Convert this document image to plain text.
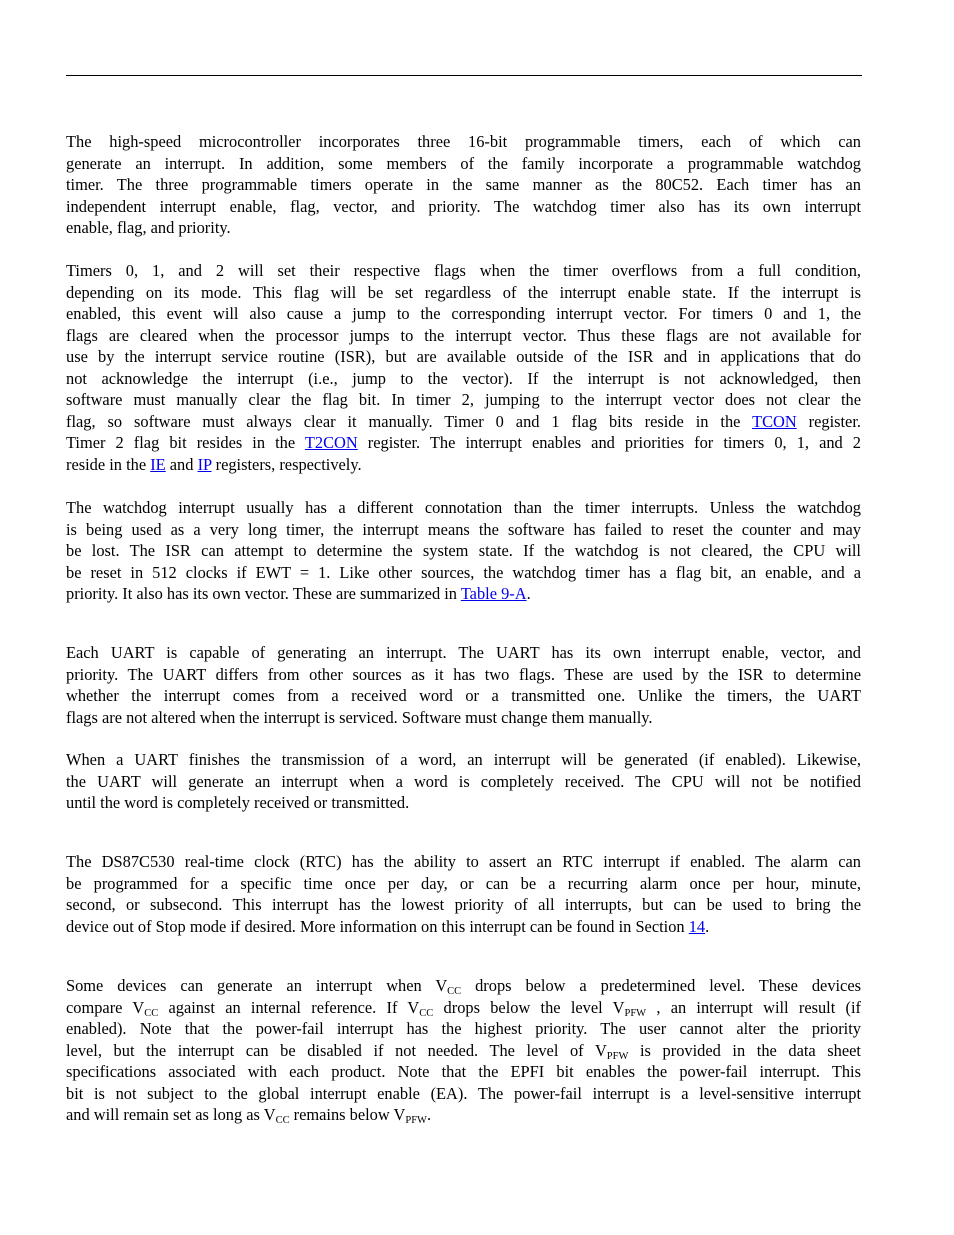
The high-speed microcontroller incorporates three 16-bit programmable timers, each of which can
generate an interrupt. In addition, some members of the family incorporate a programmable watchdog
timer. The three programmable timers operate in the same manner as the 80C52. Each timer has an
independent interrupt enable, flag, vector, and priority. The watchdog timer also has its own interrupt
enable, flag, and priority.

Timers 0, 1, and 2 will set their respective flags when the timer overflows from a full condition,
depending on its mode. This flag will be set regardless of the interrupt enable state. If the interrupt is
enabled, this event will also cause a jump to the corresponding interrupt vector. For timers 0 and 1, the
flags are cleared when the processor jumps to the interrupt vector. Thus these flags are not available for
use by the interrupt service routine (ISR), but are available outside of the ISR and in applications that do
not acknowledge the interrupt (i.e., jump to the vector). If the interrupt is not acknowledged, then
software must manually clear the flag bit. In timer 2, jumping to the interrupt vector does not clear the
flag, so software must always clear it manually. Timer 0 and 1 flag bits reside in the TCON register.
Timer 2 flag bit resides in the T2CON register. The interrupt enables and priorities for timers 0, 1, and 2
reside in the IE and IP registers, respectively.

The watchdog interrupt usually has a different connotation than the timer interrupts. Unless the watchdog
is being used as a very long timer, the interrupt means the software has failed to reset the counter and may
be lost. The ISR can attempt to determine the system state. If the watchdog is not cleared, the CPU will
be reset in 512 clocks if EWT = 1. Like other sources, the watchdog timer has a flag bit, an enable, and a
priority. It also has its own vector. These are summarized in Table 9-A.

Each UART is capable of generating an interrupt. The UART has its own interrupt enable, vector, and
priority. The UART differs from other sources as it has two flags. These are used by the ISR to determine
whether the interrupt comes from a received word or a transmitted one. Unlike the timers, the UART
flags are not altered when the interrupt is serviced. Software must change them manually.

When a UART finishes the transmission of a word, an interrupt will be generated (if enabled). Likewise,
the UART will generate an interrupt when a word is completely received. The CPU will not be notified
until the word is completely received or transmitted.

The DS87C530 real-time clock (RTC) has the ability to assert an RTC interrupt if enabled. The alarm can
be programmed for a specific time once per day, or can be a recurring alarm once per hour, minute,
second, or subsecond. This interrupt has the lowest priority of all interrupts, but can be used to bring the
device out of Stop mode if desired. More information on this interrupt can be found in Section 14.

Some devices can generate an interrupt when $V_{CC}$ drops below a predetermined level. These devices
compare $V_{CC}$ against an internal reference. If $V_{CC}$ drops below the level $V_{PFW}$ , an interrupt will result (if
enabled). Note that the power-fail interrupt has the highest priority. The user cannot alter the priority
level, but the interrupt can be disabled if not needed. The level of $V_{PFW}$ is provided in the data sheet
specifications associated with each product. Note that the EPFI bit enables the power-fail interrupt. This
bit is not subject to the global interrupt enable (EA). The power-fail interrupt is a level-sensitive interrupt
and will remain set as long as $V_{CC}$ remains below $V_{PFW}$.
